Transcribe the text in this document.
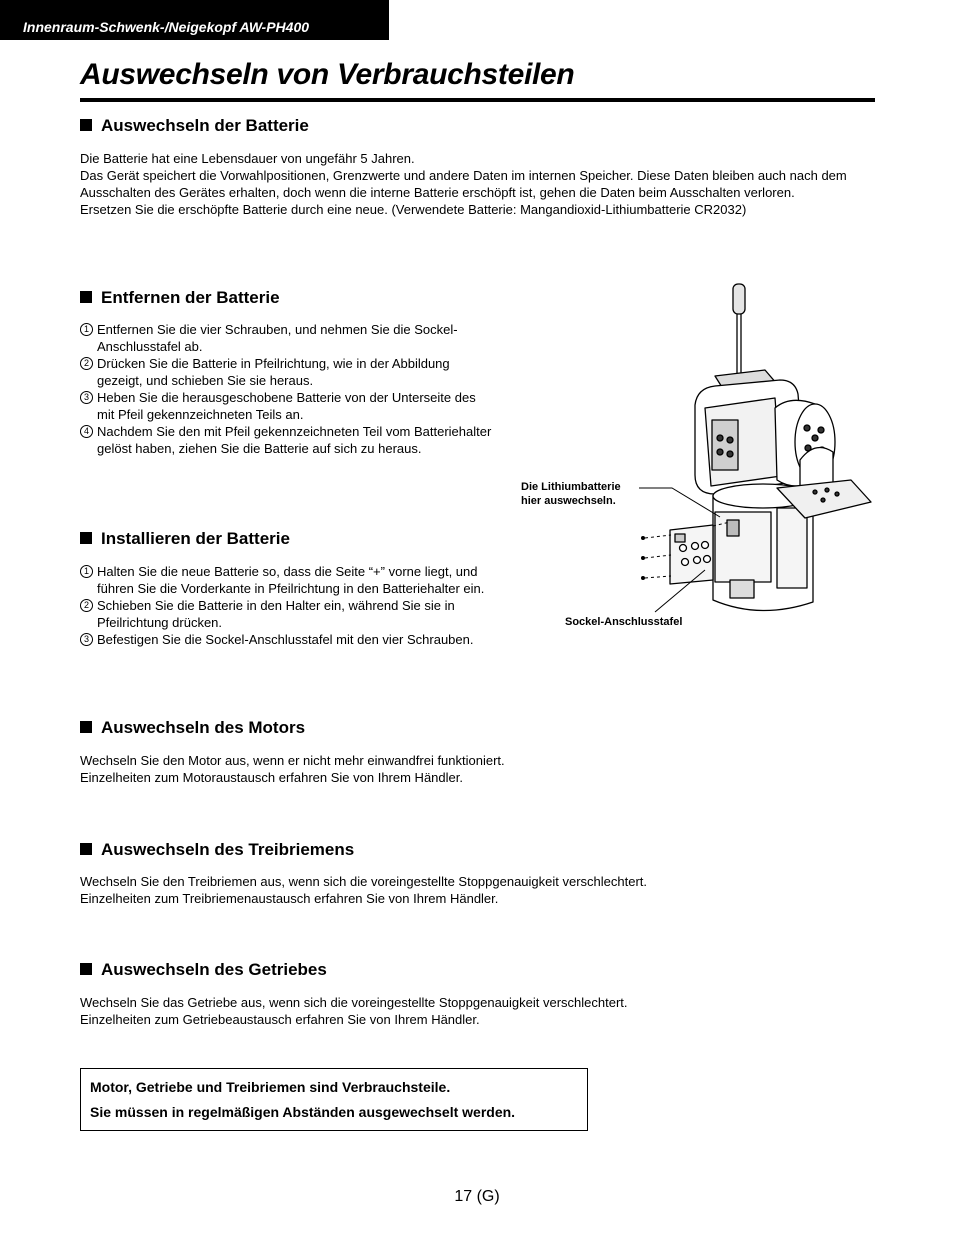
Innenraum-Schwenk-/Neigekopf AW-PH400
Auswechseln von Verbrauchsteilen
Auswechseln der Batterie
Die Batterie hat eine Lebensdauer von ungefähr 5 Jahren.
Das Gerät speichert die Vorwahlpositionen, Grenzwerte und andere Daten im internen Speicher. Diese Daten bleiben auch nach dem Ausschalten des Gerätes erhalten, doch wenn die interne Batterie erschöpft ist, gehen die Daten beim Ausschalten verloren.
Ersetzen Sie die erschöpfte Batterie durch eine neue. (Verwendete Batterie: Mangandioxid-Lithiumbatterie CR2032)
Entfernen der Batterie
1 Entfernen Sie die vier Schrauben, und nehmen Sie die Sockel-Anschlusstafel ab.
2 Drücken Sie die Batterie in Pfeilrichtung, wie in der Abbildung gezeigt, und schieben Sie sie heraus.
3 Heben Sie die herausgeschobene Batterie von der Unterseite des mit Pfeil gekennzeichneten Teils an.
4 Nachdem Sie den mit Pfeil gekennzeichneten Teil vom Batteriehalter gelöst haben, ziehen Sie die Batterie auf sich zu heraus.
Installieren der Batterie
1 Halten Sie die neue Batterie so, dass die Seite “+” vorne liegt, und führen Sie die Vorderkante in Pfeilrichtung in den Batteriehalter ein.
2 Schieben Sie die Batterie in den Halter ein, während Sie sie in Pfeilrichtung drücken.
3 Befestigen Sie die Sockel-Anschlusstafel mit den vier Schrauben.
Die Lithiumbatterie
hier auswechseln.
Sockel-Anschlusstafel
Auswechseln des Motors
Wechseln Sie den Motor aus, wenn er nicht mehr einwandfrei funktioniert.
Einzelheiten zum Motoraustausch erfahren Sie von Ihrem Händler.
Auswechseln des Treibriemens
Wechseln Sie den Treibriemen aus, wenn sich die voreingestellte Stoppgenauigkeit verschlechtert.
Einzelheiten zum Treibriemenaustausch erfahren Sie von Ihrem Händler.
Auswechseln des Getriebes
Wechseln Sie das Getriebe aus, wenn sich die voreingestellte Stoppgenauigkeit verschlechtert.
Einzelheiten zum Getriebeaustausch erfahren Sie von Ihrem Händler.
Motor, Getriebe und Treibriemen sind Verbrauchsteile.
Sie müssen in regelmäßigen Abständen ausgewechselt werden.
17 (G)
